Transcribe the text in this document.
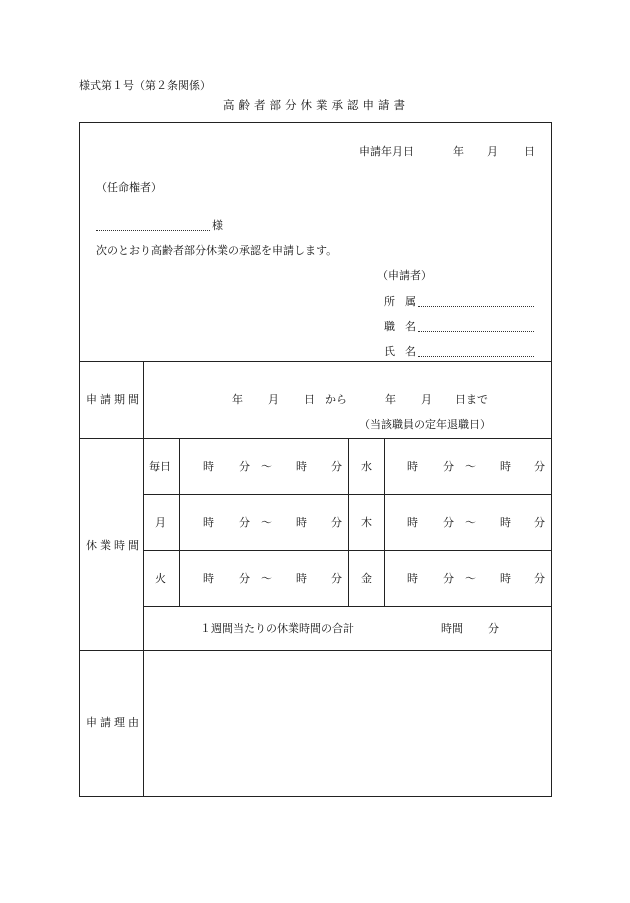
様式第１号（第２条関係）
高齢者部分休業承認申請書
申請年月日	年 月 日
（任命権者）
様
次のとおり高齢者部分休業の承認を申請します。
（申請者）
所 属
職 名
氏 名
申請期間	年 月 日 から	年 月 日まで
（当該職員の定年退職日）
休業時間
毎日	時 分 ～ 時 分 水	時 分 ～ 時 分
月	時 分 ～ 時 分 木	時 分 ～ 時 分
火	時 分 ～ 時 分 金	時 分 ～ 時 分
１週間当たりの休業時間の合計	時間 分
申請理由
